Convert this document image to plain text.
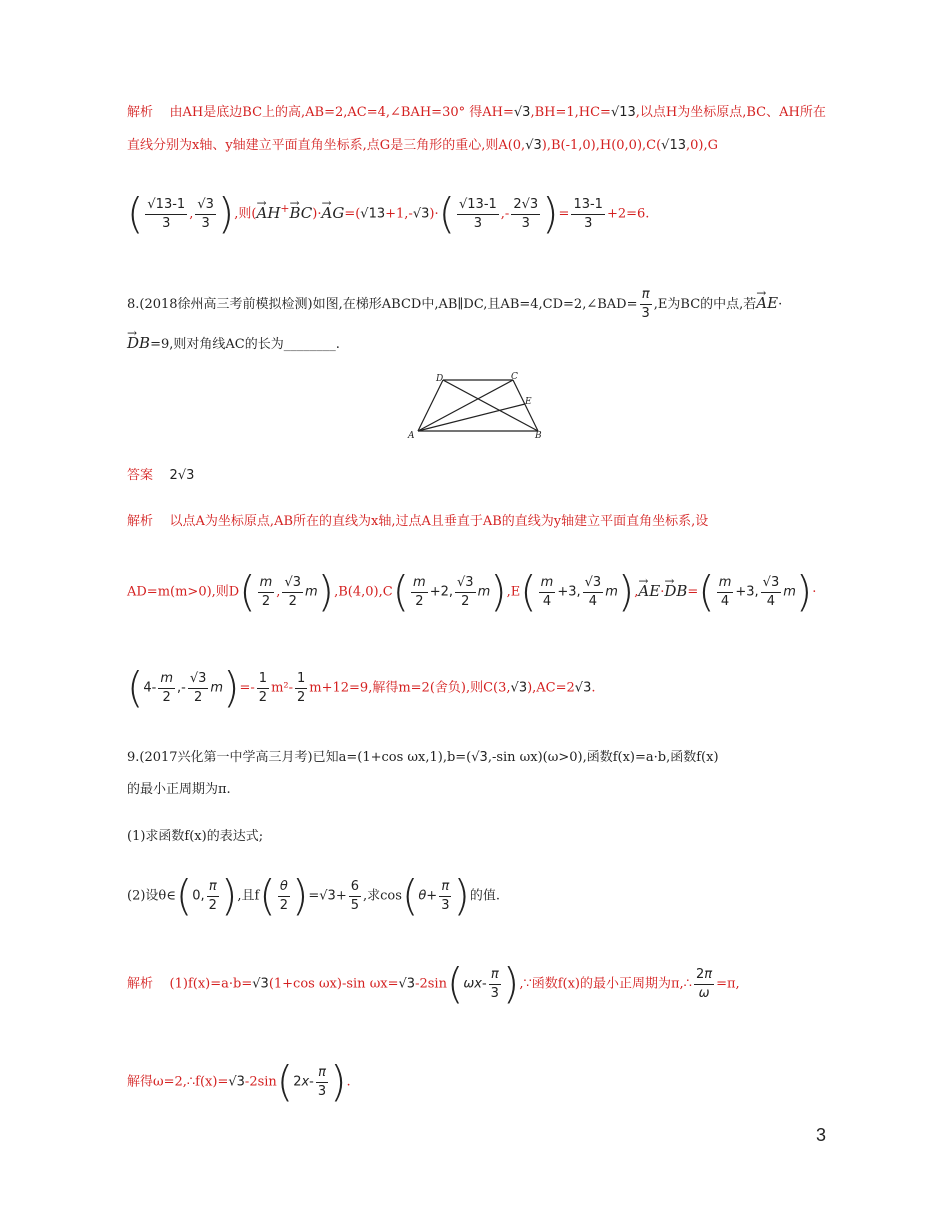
解析 由AH是底边BC上的高,AB=2,AC=4,∠BAH=30° 得AH=√3,BH=1,HC=√13,以点H为坐标原点,BC、AH所在
直线分别为x轴、y轴建立平面直角坐标系,点G是三角形的重心,则A(0,√3),B(-1,0),H(0,0),C(√13,0),G
( $\frac{√13-1}{3}$ , $\frac{√3}{3}$ ),则(→ $AH^+\to BC)\cdot\to AG=(√13+1,-√3)\cdot( \frac{√13-1}{3}$ ,- $\frac{2√3}{3}$ )= $\frac{13-1}{3} +2=6$.
8.(2018徐州高三考前模拟检测)如图,在梯形ABCD中,AB∥DC,且AB=4,CD=2,∠BAD= $\frac{\pi}{3} ,E$为BC的中点,若→ AE·
→ DB=9,则对角线AC的长为________.
A	B
C
D
E
答案 2√3
解析    以点A为坐标原点,AB所在的直线为x轴,过点A且垂直于AB的直线为y轴建立平面直角坐标系,设
AD=m(m>0),则$D( \frac{m}{2}$ , $\frac{√3}{2} m),B(4,0),C( \frac{m}{2} +2$, $\frac{√3}{2} m),E( \frac{m}{4} +3$, $\frac{√3}{4} m),\to AE\cdot\to DB=( \frac{m}{4} +3$, $\frac{√3}{4} m)\cdot$
($4- \frac{m}{2}$ ,- $\frac{√3}{2} m)=- \frac{1}{2} m^2- \frac{1}{2} m+12=9$,解得m=2(舍负),则C(3,√3),AC=2√3.
9.(2017兴化第一中学高三月考)已知a=(1+cos ωx,1),b=(√3,-sin ωx)(ω>0),函数f(x)=a·b,函数f(x)
的最小正周期为π.
(1)求函数f(x)的表达式;
(2)设θ∈(0, $\frac{\pi}{2}$ ),且$f( \frac{\theta}{2} )=√3+ \frac{6}{5}$ ,求$\cos(\theta+ \frac{\pi}{3}$ )的值.
解析    (1)f(x)=a·b=√3(1+cos ωx)-sin $\omega x=√3-2\sin(\omega x- \frac{\pi}{3}$ ),∵函数f(x)的最小正周期为π,∴ $\frac{2\pi}{\omega} =\pi$,
解得ω=2,∴f(x)=√3-2sin(2x- $\frac{\pi}{3}$ ).
3
